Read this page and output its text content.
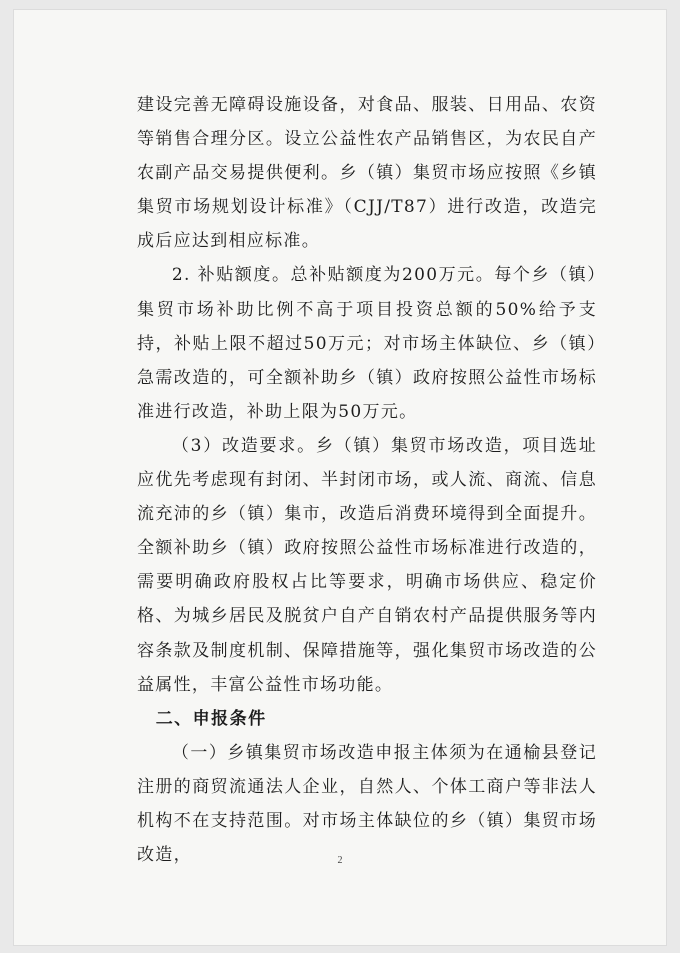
建设完善无障碍设施设备，对食品、服装、日用品、农资等销售合理分区。设立公益性农产品销售区，为农民自产农副产品交易提供便利。乡（镇）集贸市场应按照《乡镇集贸市场规划设计标准》（CJJ/T87）进行改造，改造完成后应达到相应标准。

2. 补贴额度。总补贴额度为200万元。每个乡（镇）集贸市场补助比例不高于项目投资总额的50%给予支持，补贴上限不超过50万元；对市场主体缺位、乡（镇）急需改造的，可全额补助乡（镇）政府按照公益性市场标准进行改造，补助上限为50万元。

（3）改造要求。乡（镇）集贸市场改造，项目选址应优先考虑现有封闭、半封闭市场，或人流、商流、信息流充沛的乡（镇）集市，改造后消费环境得到全面提升。全额补助乡（镇）政府按照公益性市场标准进行改造的，需要明确政府股权占比等要求，明确市场供应、稳定价格、为城乡居民及脱贫户自产自销农村产品提供服务等内容条款及制度机制、保障措施等，强化集贸市场改造的公益属性，丰富公益性市场功能。

二、申报条件

（一）乡镇集贸市场改造申报主体须为在通榆县登记注册的商贸流通法人企业，自然人、个体工商户等非法人机构不在支持范围。对市场主体缺位的乡（镇）集贸市场改造，	2
